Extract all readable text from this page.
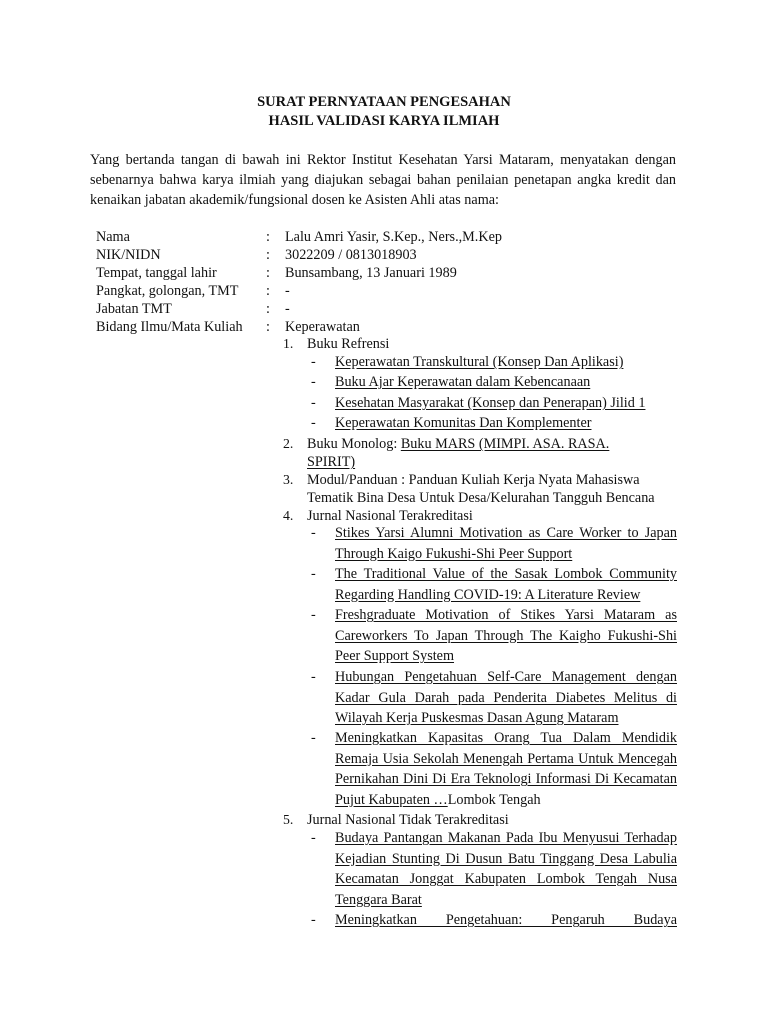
SURAT PERNYATAAN PENGESAHAN
HASIL VALIDASI KARYA ILMIAH
Yang bertanda tangan di bawah ini Rektor Institut Kesehatan Yarsi Mataram, menyatakan dengan sebenarnya bahwa karya ilmiah yang diajukan sebagai bahan penilaian penetapan angka kredit dan kenaikan jabatan akademik/fungsional dosen ke Asisten Ahli atas nama:
Nama	: Lalu Amri Yasir, S.Kep., Ners.,M.Kep
NIK/NIDN	: 3022209 / 0813018903
Tempat, tanggal lahir	: Bunsambang, 13 Januari 1989
Pangkat, golongan, TMT : -
Jabatan TMT	: -
Bidang Ilmu/Mata Kuliah : Keperawatan
1. Buku Refrensi
- Keperawatan Transkultural (Konsep Dan Aplikasi)
- Buku Ajar Keperawatan dalam Kebencanaan
- Kesehatan Masyarakat (Konsep dan Penerapan) Jilid 1
- Keperawatan Komunitas Dan Komplementer
2. Buku Monolog: Buku MARS (MIMPI. ASA. RASA. SPIRIT)
3. Modul/Panduan : Panduan Kuliah Kerja Nyata Mahasiswa Tematik Bina Desa Untuk Desa/Kelurahan Tangguh Bencana
4. Jurnal Nasional Terakreditasi
- Stikes Yarsi Alumni Motivation as Care Worker to Japan Through Kaigo Fukushi-Shi Peer Support
- The Traditional Value of the Sasak Lombok Community Regarding Handling COVID-19: A Literature Review
- Freshgraduate Motivation of Stikes Yarsi Mataram as Careworkers To Japan Through The Kaigho Fukushi-Shi Peer Support System
- Hubungan Pengetahuan Self-Care Management dengan Kadar Gula Darah pada Penderita Diabetes Melitus di Wilayah Kerja Puskesmas Dasan Agung Mataram
- Meningkatkan Kapasitas Orang Tua Dalam Mendidik Remaja Usia Sekolah Menengah Pertama Untuk Mencegah Pernikahan Dini Di Era Teknologi Informasi Di Kecamatan Pujut Kabupaten …Lombok Tengah
5. Jurnal Nasional Tidak Terakreditasi
- Budaya Pantangan Makanan Pada Ibu Menyusui Terhadap Kejadian Stunting Di Dusun Batu Tinggang Desa Labulia Kecamatan Jonggat Kabupaten Lombok Tengah Nusa Tenggara Barat
- Meningkatkan Pengetahuan: Pengaruh Budaya
